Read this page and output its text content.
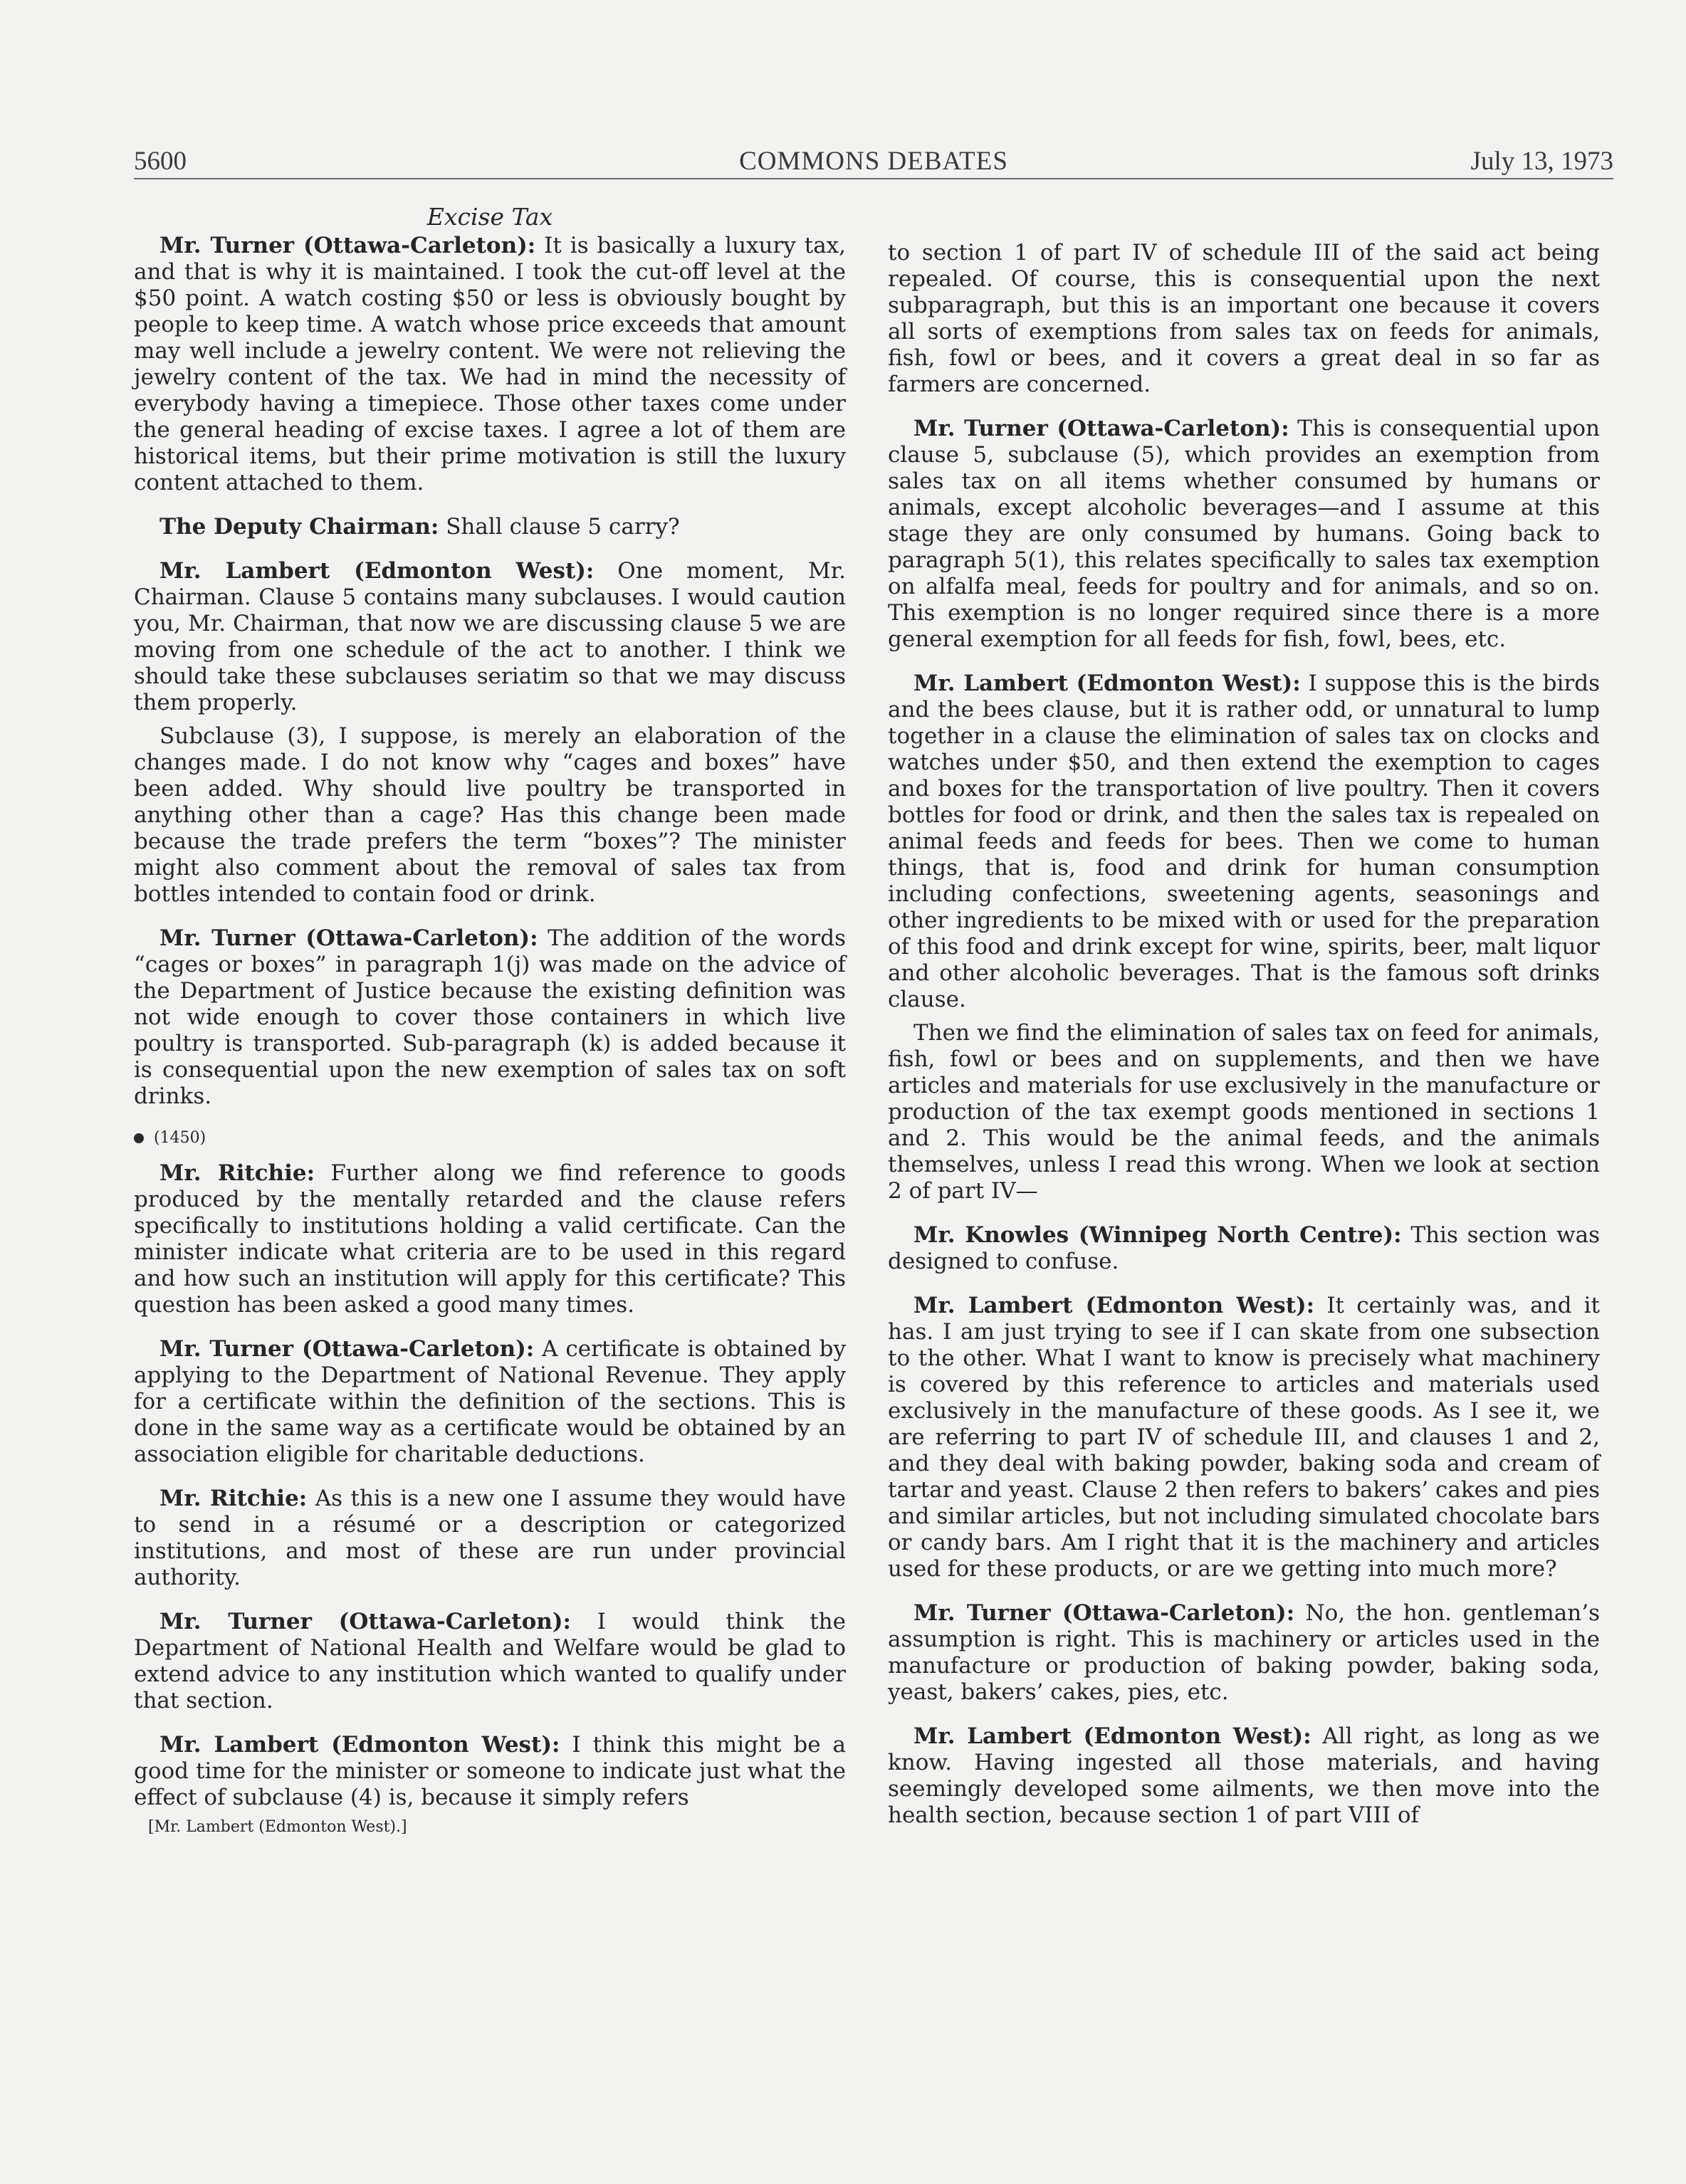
COMMONS DEBATES
5600	July 13, 1973
Excise Tax

Mr. Turner (Ottawa-Carleton): It is basically a luxury tax, and that is why it is maintained. I took the cut-off level at the $50 point. A watch costing $50 or less is obviously bought by people to keep time. A watch whose price exceeds that amount may well include a jewelry content. We were not relieving the jewelry content of the tax. We had in mind the necessity of everybody having a timepiece. Those other taxes come under the general heading of excise taxes. I agree a lot of them are historical items, but their prime motivation is still the luxury content attached to them.

The Deputy Chairman: Shall clause 5 carry?

Mr. Lambert (Edmonton West): One moment, Mr. Chairman. Clause 5 contains many subclauses. I would caution you, Mr. Chairman, that now we are discussing clause 5 we are moving from one schedule of the act to another. I think we should take these subclauses seriatim so that we may discuss them properly.

Subclause (3), I suppose, is merely an elaboration of the changes made. I do not know why “cages and boxes” have been added. Why should live poultry be transported in anything other than a cage? Has this change been made because the trade prefers the term “boxes”? The minister might also comment about the removal of sales tax from bottles intended to contain food or drink.

Mr. Turner (Ottawa-Carleton): The addition of the words “cages or boxes” in paragraph 1(j) was made on the advice of the Department of Justice because the existing definition was not wide enough to cover those containers in which live poultry is transported. Sub-paragraph (k) is added because it is consequential upon the new exemption of sales tax on soft drinks.

(1450)

Mr. Ritchie: Further along we find reference to goods produced by the mentally retarded and the clause refers specifically to institutions holding a valid certificate. Can the minister indicate what criteria are to be used in this regard and how such an institution will apply for this certificate? This question has been asked a good many times.

Mr. Turner (Ottawa-Carleton): A certificate is obtained by applying to the Department of National Revenue. They apply for a certificate within the definition of the sections. This is done in the same way as a certificate would be obtained by an association eligible for charitable deductions.

Mr. Ritchie: As this is a new one I assume they would have to send in a résumé or a description or categorized institutions, and most of these are run under provincial authority.

Mr. Turner (Ottawa-Carleton): I would think the Department of National Health and Welfare would be glad to extend advice to any institution which wanted to qualify under that section.

Mr. Lambert (Edmonton West): I think this might be a good time for the minister or someone to indicate just what the effect of subclause (4) is, because it simply refers

[Mr. Lambert (Edmonton West).]

to section 1 of part IV of schedule III of the said act being repealed. Of course, this is consequential upon the next subparagraph, but this is an important one because it covers all sorts of exemptions from sales tax on feeds for animals, fish, fowl or bees, and it covers a great deal in so far as farmers are concerned.

Mr. Turner (Ottawa-Carleton): This is consequential upon clause 5, subclause (5), which provides an exemption from sales tax on all items whether consumed by humans or animals, except alcoholic beverages—and I assume at this stage they are only consumed by humans. Going back to paragraph 5(1), this relates specifically to sales tax exemption on alfalfa meal, feeds for poultry and for animals, and so on. This exemption is no longer required since there is a more general exemption for all feeds for fish, fowl, bees, etc.

Mr. Lambert (Edmonton West): I suppose this is the birds and the bees clause, but it is rather odd, or unnatural to lump together in a clause the elimination of sales tax on clocks and watches under $50, and then extend the exemption to cages and boxes for the transportation of live poultry. Then it covers bottles for food or drink, and then the sales tax is repealed on animal feeds and feeds for bees. Then we come to human things, that is, food and drink for human consumption including confections, sweetening agents, seasonings and other ingredients to be mixed with or used for the preparation of this food and drink except for wine, spirits, beer, malt liquor and other alcoholic beverages. That is the famous soft drinks clause.

Then we find the elimination of sales tax on feed for animals, fish, fowl or bees and on supplements, and then we have articles and materials for use exclusively in the manufacture or production of the tax exempt goods mentioned in sections 1 and 2. This would be the animal feeds, and the animals themselves, unless I read this wrong. When we look at section 2 of part IV—

Mr. Knowles (Winnipeg North Centre): This section was designed to confuse.

Mr. Lambert (Edmonton West): It certainly was, and it has. I am just trying to see if I can skate from one subsection to the other. What I want to know is precisely what machinery is covered by this reference to articles and materials used exclusively in the manufacture of these goods. As I see it, we are referring to part IV of schedule III, and clauses 1 and 2, and they deal with baking powder, baking soda and cream of tartar and yeast. Clause 2 then refers to bakers’ cakes and pies and similar articles, but not including simulated chocolate bars or candy bars. Am I right that it is the machinery and articles used for these products, or are we getting into much more?

Mr. Turner (Ottawa-Carleton): No, the hon. gentleman’s assumption is right. This is machinery or articles used in the manufacture or production of baking powder, baking soda, yeast, bakers’ cakes, pies, etc.

Mr. Lambert (Edmonton West): All right, as long as we know. Having ingested all those materials, and having seemingly developed some ailments, we then move into the health section, because section 1 of part VIII of
